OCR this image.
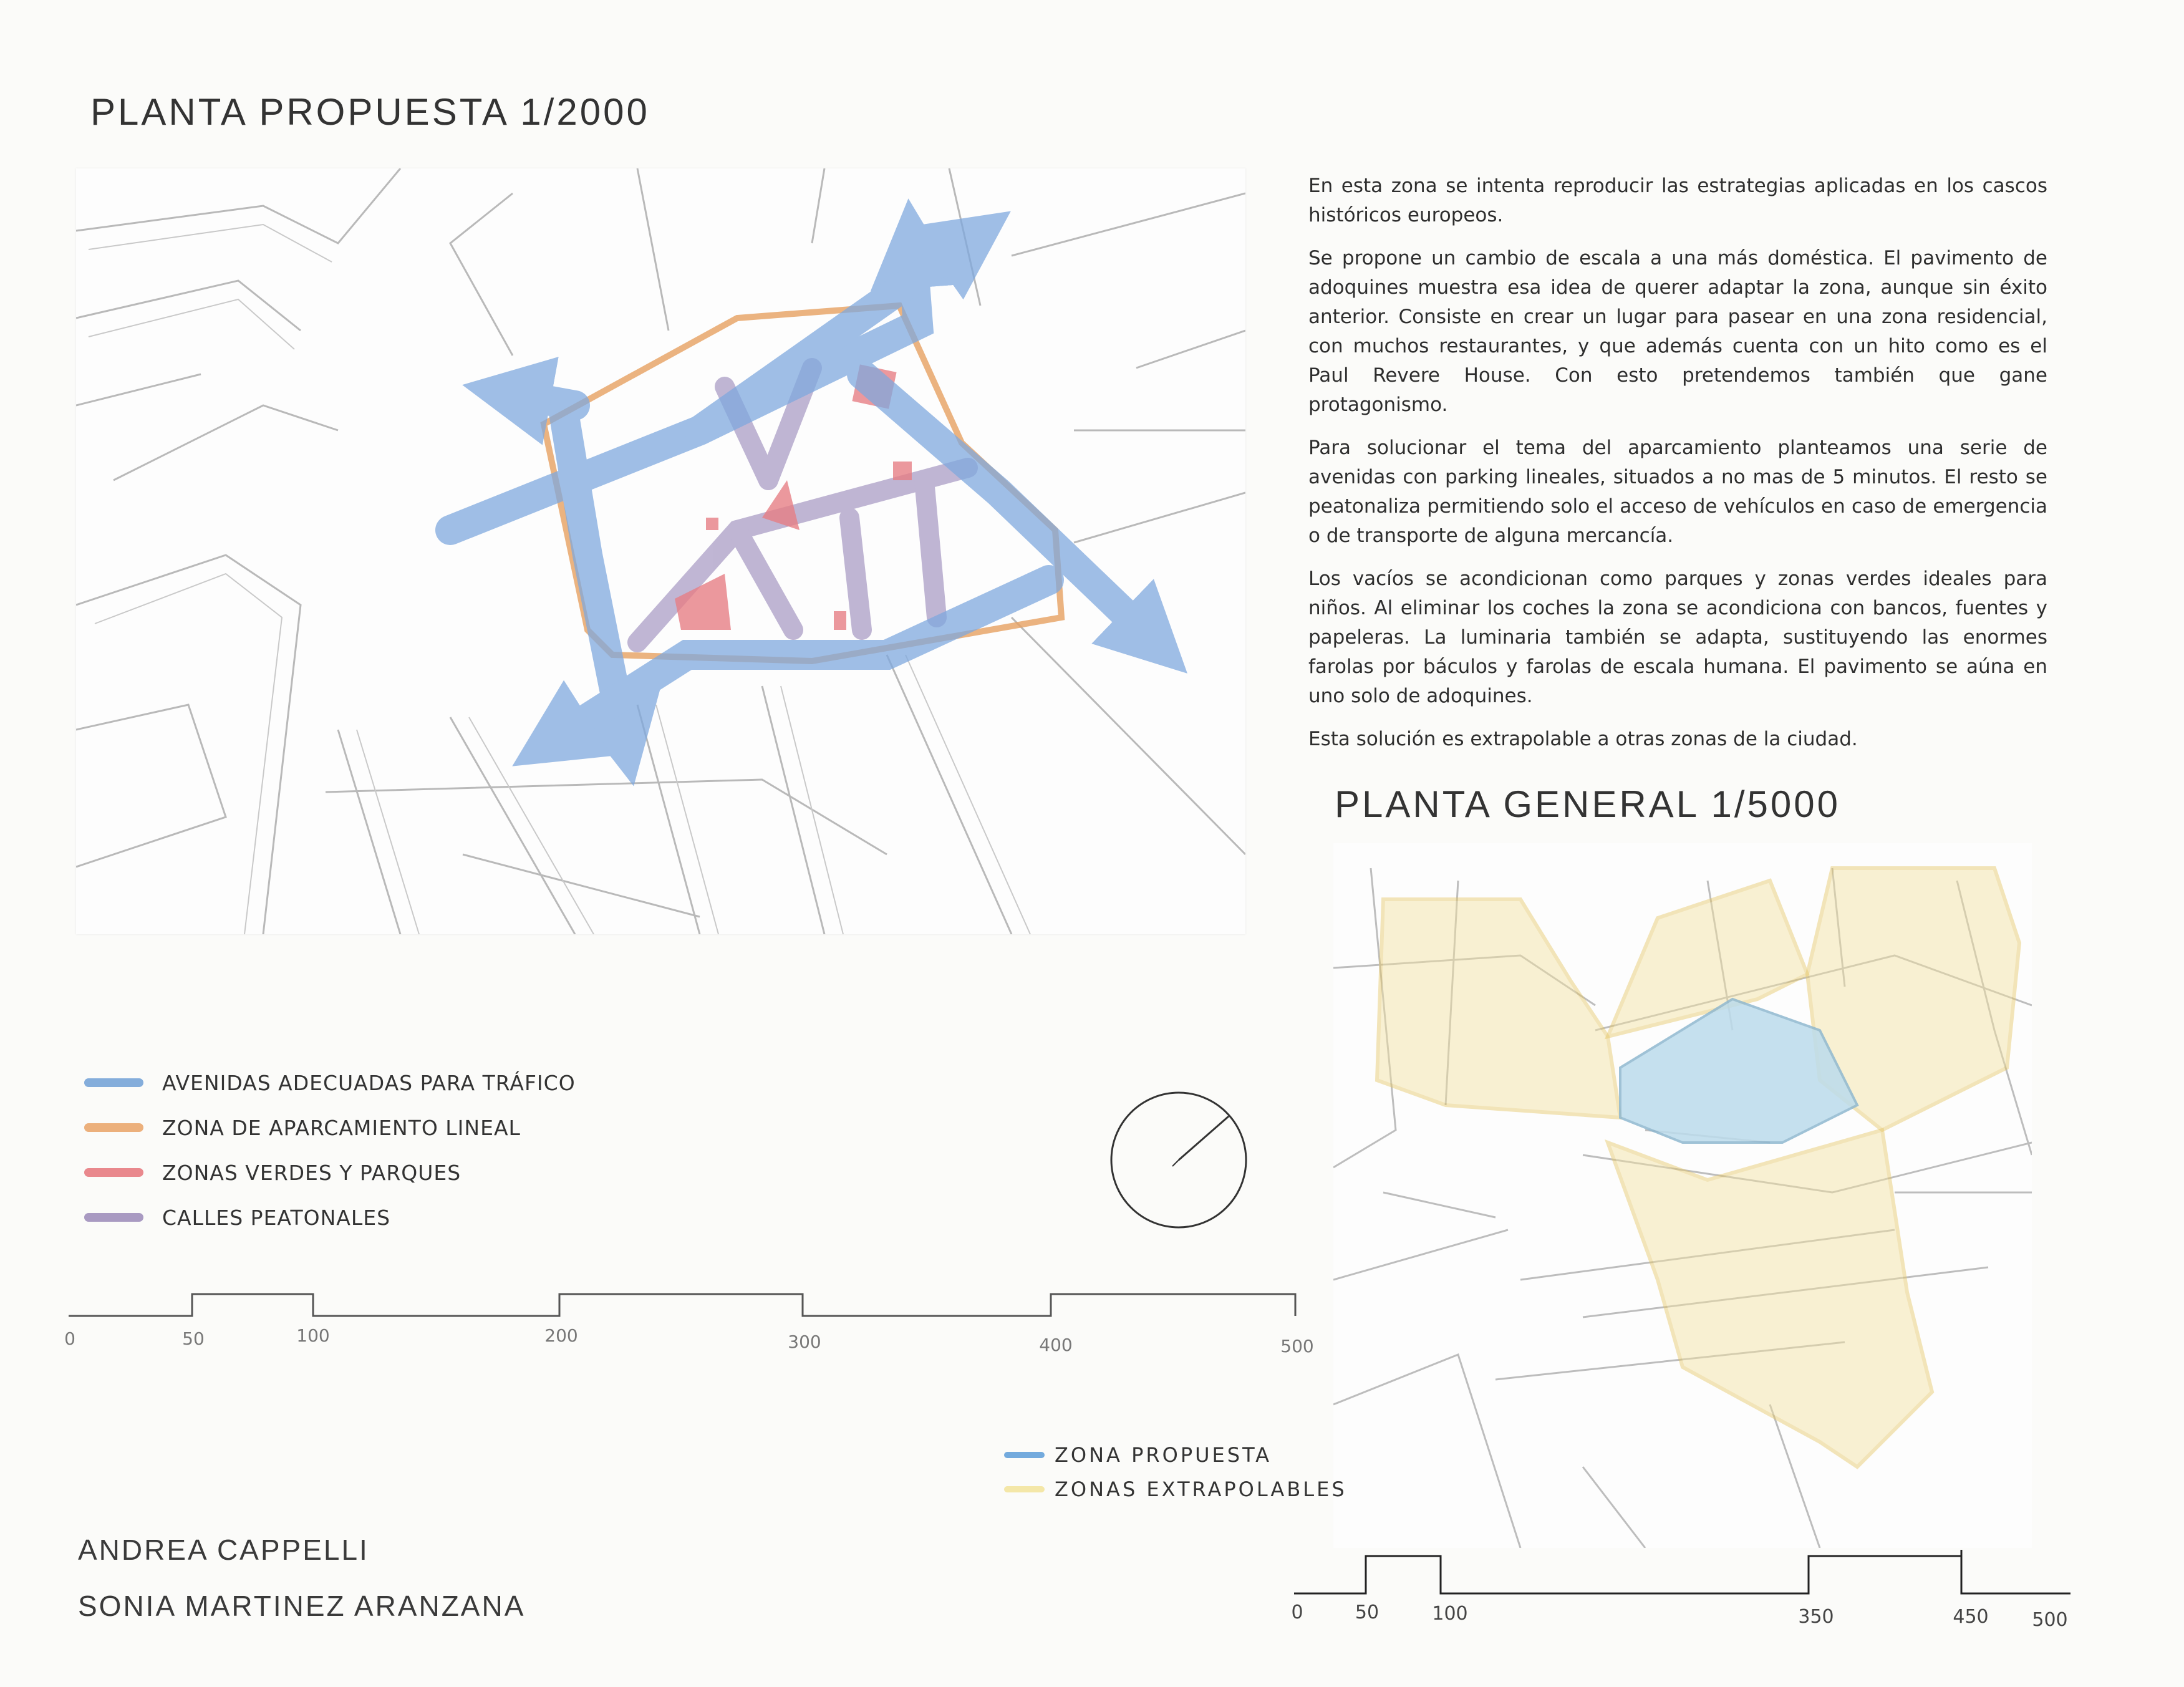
PLANTA PROPUESTA 1/2000

En esta zona se intenta reproducir las estrategias aplicadas en los cascos históricos europeos.

Se propone un cambio de escala a una más doméstica. El pavimento de adoquines muestra esa idea de querer adaptar la zona, aunque sin éxito anterior. Consiste en crear un lugar para pasear en una zona residencial, con muchos restaurantes, y que además cuenta con un hito como es el Paul Revere House. Con esto pretendemos también que gane protagonismo.

Para solucionar el tema del aparcamiento planteamos una serie de avenidas con parking lineales, situados a no mas de 5 minutos. El resto se peatonaliza permitiendo solo el acceso de vehículos en caso de emergencia o de transporte de alguna mercancía.

Los vacíos se acondicionan como parques y zonas verdes ideales para niños. Al eliminar los coches la zona se acondiciona con bancos, fuentes y papeleras. La luminaria también se adapta, sustituyendo las enormes farolas por báculos y farolas de escala humana. El pavimento se aúna en uno solo de adoquines.

Esta solución es extrapolable a otras zonas de la ciudad.

PLANTA GENERAL 1/5000
AVENIDAS ADECUADAS PARA TRÁFICO
ZONA DE APARCAMIENTO LINEAL
ZONAS VERDES Y PARQUES
CALLES PEATONALES
0	50	100	200	300	400	500
ZONA PROPUESTA
ZONAS EXTRAPOLABLES
0	50	100	350	450 500
ANDREA CAPPELLI
SONIA MARTINEZ ARANZANA
